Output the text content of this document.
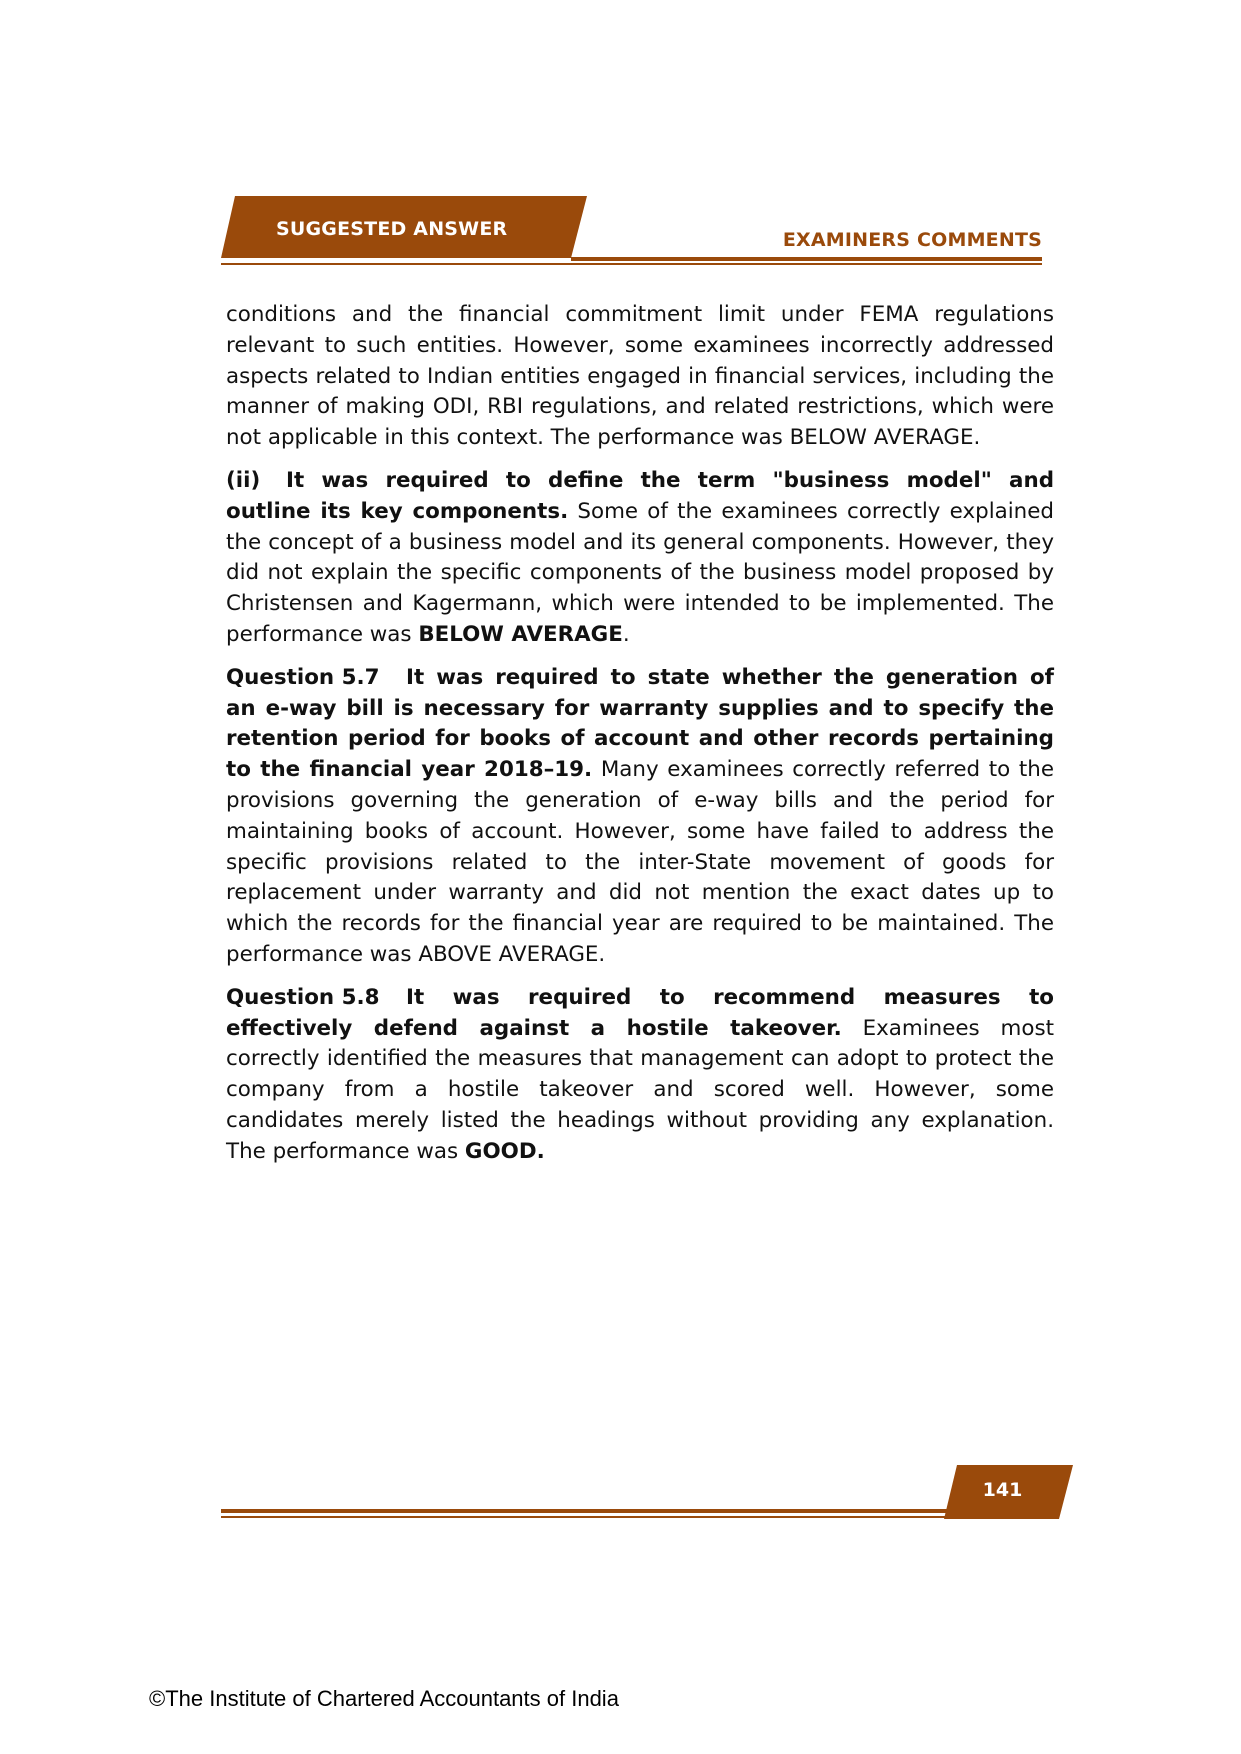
SUGGESTED ANSWER	EXAMINERS COMMENTS

conditions and the financial commitment limit under FEMA regulations relevant to such entities. However, some examinees incorrectly addressed aspects related to Indian entities engaged in financial services, including the manner of making ODI, RBI regulations, and related restrictions, which were not applicable in this context. The performance was BELOW AVERAGE.

(ii) It was required to define the term "business model" and outline its key components. Some of the examinees correctly explained the concept of a business model and its general components. However, they did not explain the specific components of the business model proposed by Christensen and Kagermann, which were intended to be implemented. The performance was BELOW AVERAGE.

Question 5.7 It was required to state whether the generation of an e-way bill is necessary for warranty supplies and to specify the retention period for books of account and other records pertaining to the financial year 2018–19. Many examinees correctly referred to the provisions governing the generation of e-way bills and the period for maintaining books of account. However, some have failed to address the specific provisions related to the inter-State movement of goods for replacement under warranty and did not mention the exact dates up to which the records for the financial year are required to be maintained. The performance was ABOVE AVERAGE.

Question 5.8 It was required to recommend measures to effectively defend against a hostile takeover. Examinees most correctly identified the measures that management can adopt to protect the company from a hostile takeover and scored well. However, some candidates merely listed the headings without providing any explanation. The performance was GOOD.

141
©The Institute of Chartered Accountants of India
